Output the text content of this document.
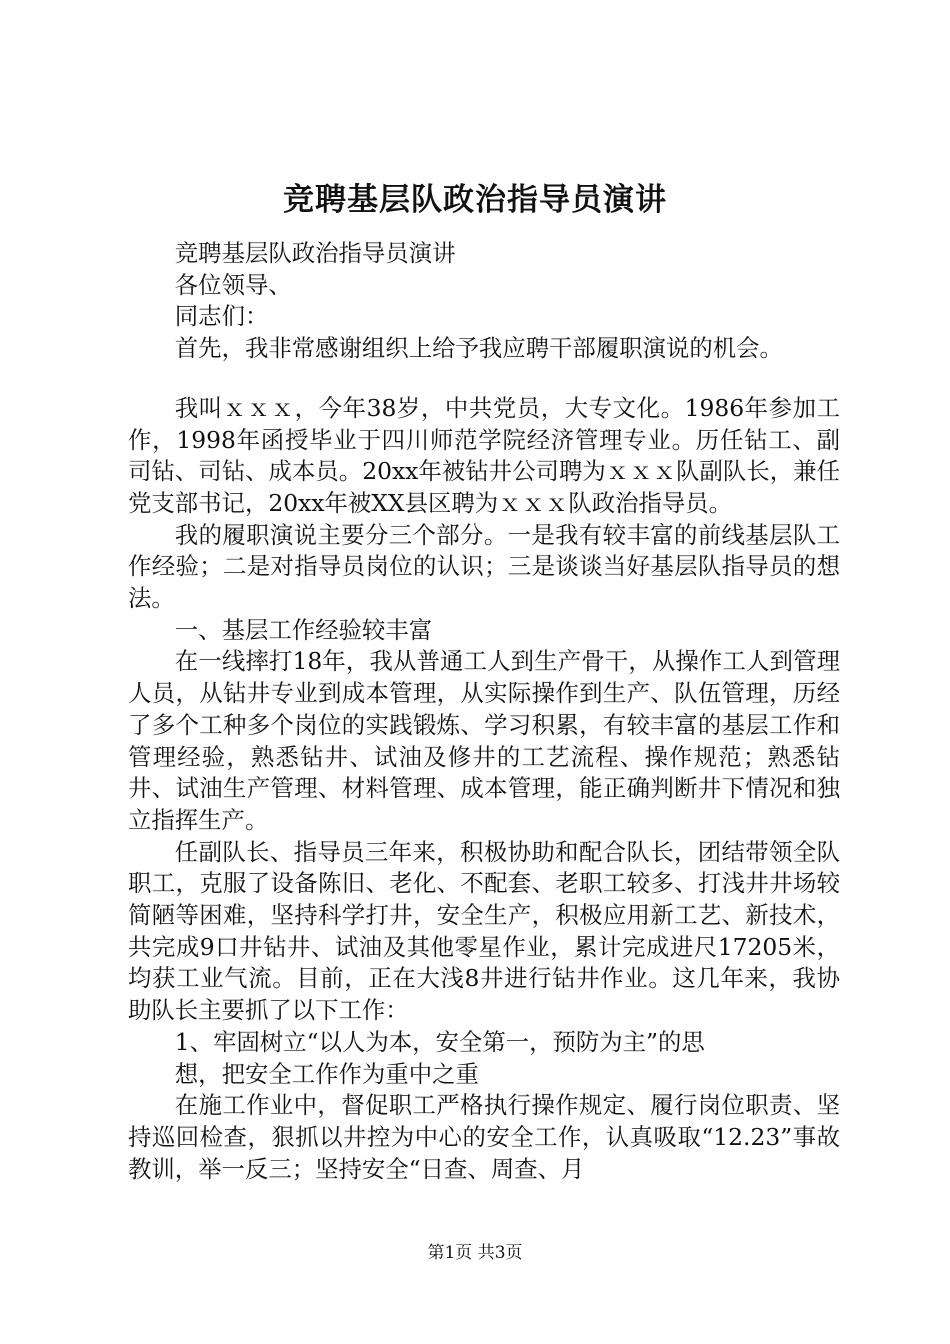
竞聘基层队政治指导员演讲

竞聘基层队政治指导员演讲

各位领导、

同志们：

首先，我非常感谢组织上给予我应聘干部履职演说的机会。

我叫ｘｘｘ，今年38岁，中共党员，大专文化。1986年参加工作，1998年函授毕业于四川师范学院经济管理专业。历任钻工、副司钻、司钻、成本员。20xx年被钻井公司聘为ｘｘｘ队副队长，兼任党支部书记，20xx年被XX县区聘为ｘｘｘ队政治指导员。

我的履职演说主要分三个部分。一是我有较丰富的前线基层队工作经验；二是对指导员岗位的认识；三是谈谈当好基层队指导员的想法。

一、基层工作经验较丰富

在一线摔打18年，我从普通工人到生产骨干，从操作工人到管理人员，从钻井专业到成本管理，从实际操作到生产、队伍管理，历经了多个工种多个岗位的实践锻炼、学习积累，有较丰富的基层工作和管理经验，熟悉钻井、试油及修井的工艺流程、操作规范；熟悉钻井、试油生产管理、材料管理、成本管理，能正确判断井下情况和独立指挥生产。

任副队长、指导员三年来，积极协助和配合队长，团结带领全队职工，克服了设备陈旧、老化、不配套、老职工较多、打浅井井场较简陋等困难，坚持科学打井，安全生产，积极应用新工艺、新技术，共完成9口井钻井、试油及其他零星作业，累计完成进尺17205米，均获工业气流。目前，正在大浅8井进行钻井作业。这几年来，我协助队长主要抓了以下工作：

1、牢固树立“以人为本，安全第一，预防为主”的思

想，把安全工作作为重中之重

在施工作业中，督促职工严格执行操作规定、履行岗位职责、坚持巡回检查，狠抓以井控为中心的安全工作，认真吸取“12.23”事故教训，举一反三；坚持安全“日查、周查、月

第1页 共3页
